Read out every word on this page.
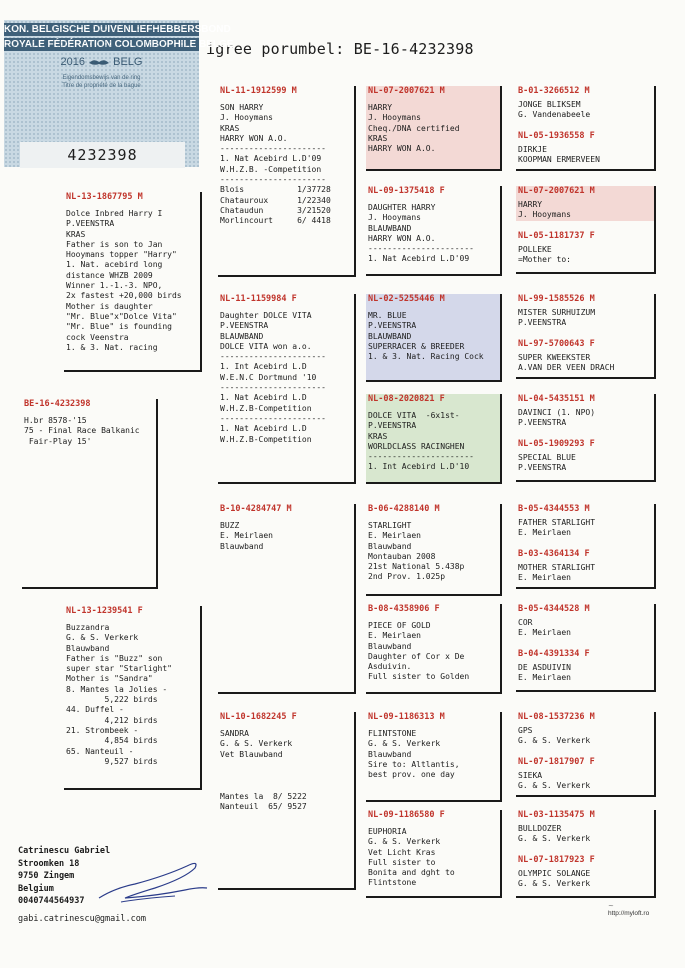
igree porumbel: BE-16-4232398
KON. BELGISCHE DUIVENLIEFHEBBERSBOND
ROYALE FÉDÉRATION COLOMBOPHILE BELGE
2016	BELG
Eigendomsbewijs van de ring
Titre de propriété de la bague
4232398
BE-16-4232398
H.br 8578-'15
75 - Final Race Balkanic
Fair-Play 15'
NL-13-1867795 M
Dolce Inbred Harry I
P.VEENSTRA
KRAS
Father is son to Jan
Hooymans topper "Harry"
1. Nat. acebird long
distance WHZB 2009
Winner 1.-1.-3. NPO,
2x fastest +20,000 birds
Mother is daughter
"Mr. Blue"x"Dolce Vita"
"Mr. Blue" is founding
cock Veenstra
1. & 3. Nat. racing
NL-13-1239541 F
Buzzandra
G. & S. Verkerk
Blauwband
Father is "Buzz" son
super star "Starlight"
Mother is "Sandra"
8. Mantes la Jolies -
5,222 birds
44. Duffel -
4,212 birds
21. Strombeek -
4,854 birds
65. Nanteuil -
9,527 birds
NL-11-1912599 M
SON HARRY
J. Hooymans
KRAS
HARRY WON A.O.
----------------------
1. Nat Acebird L.D'09
W.H.Z.B. -Competition
----------------------
Blois           1/37728
Chatauroux      1/22340
Chataudun       3/21520
Morlincourt     6/ 4418
NL-11-1159984 F
Daughter DOLCE VITA
P.VEENSTRA
BLAUWBAND
DOLCE VITA won a.o.
----------------------
1. Int Acebird L.D
W.E.N.C Dortmund '10
----------------------
1. Nat Acebird L.D
W.H.Z.B-Competition
----------------------
1. Nat Acebird L.D
W.H.Z.B-Competition
B-10-4284747 M
BUZZ
E. Meirlaen
Blauwband
NL-10-1682245 F
SANDRA
G. & S. Verkerk
Vet Blauwband
Mantes la  8/ 5222
Nanteuil  65/ 9527
NL-07-2007621 M
HARRY
J. Hooymans
Cheq./DNA certified
KRAS
HARRY WON A.O.
NL-09-1375418 F
DAUGHTER HARRY
J. Hooymans
BLAUWBAND
HARRY WON A.O.
----------------------
1. Nat Acebird L.D'09
NL-02-5255446 M
MR. BLUE
P.VEENSTRA
BLAUWBAND
SUPERRACER & BREEDER
1. & 3. Nat. Racing Cock
NL-08-2020821 F
DOLCE VITA  -6x1st-
P.VEENSTRA
KRAS
WORLDCLASS RACINGHEN
----------------------
1. Int Acebird L.D'10
B-06-4288140 M
STARLIGHT
E. Meirlaen
Blauwband
Montauban 2008
21st National 5.438p
2nd Prov. 1.025p
B-08-4358906 F
PIECE OF GOLD
E. Meirlaen
Blauwband
Daughter of Cor x De
Asduivin.
Full sister to Golden
NL-09-1186313 M
FLINTSTONE
G. & S. Verkerk
Blauwband
Sire to: Altlantis,
best prov. one day
NL-09-1186580 F
EUPHORIA
G. & S. Verkerk
Vet Licht Kras
Full sister to
Bonita and dght to
Flintstone
B-01-3266512 M
JONGE BLIKSEM
G. Vandenabeele
NL-05-1936558 F
DIRKJE
KOOPMAN ERMERVEEN
NL-07-2007621 M
HARRY
J. Hooymans
NL-05-1181737 F
POLLEKE
=Mother to:
NL-99-1585526 M
MISTER SURHUIZUM
P.VEENSTRA
NL-97-5700643 F
SUPER KWEEKSTER
A.VAN DER VEEN DRACH
NL-04-5435151 M
DAVINCI (1. NPO)
P.VEENSTRA
NL-05-1909293 F
SPECIAL BLUE
P.VEENSTRA
B-05-4344553 M
FATHER STARLIGHT
E. Meirlaen
B-03-4364134 F
MOTHER STARLIGHT
E. Meirlaen
B-05-4344528 M
COR
E. Meirlaen
B-04-4391334 F
DE ASDUIVIN
E. Meirlaen
NL-08-1537236 M
GPS
G. & S. Verkerk
NL-07-1817907 F
SIEKA
G. & S. Verkerk
NL-03-1135475 M
BULLDOZER
G. & S. Verkerk
NL-07-1817923 F
OLYMPIC SOLANGE
G. & S. Verkerk
Catrinescu Gabriel
Stroomken 18
9750 Zingem
Belgium
0040744564937
gabi.catrinescu@gmail.com
~
http://myloft.ro
